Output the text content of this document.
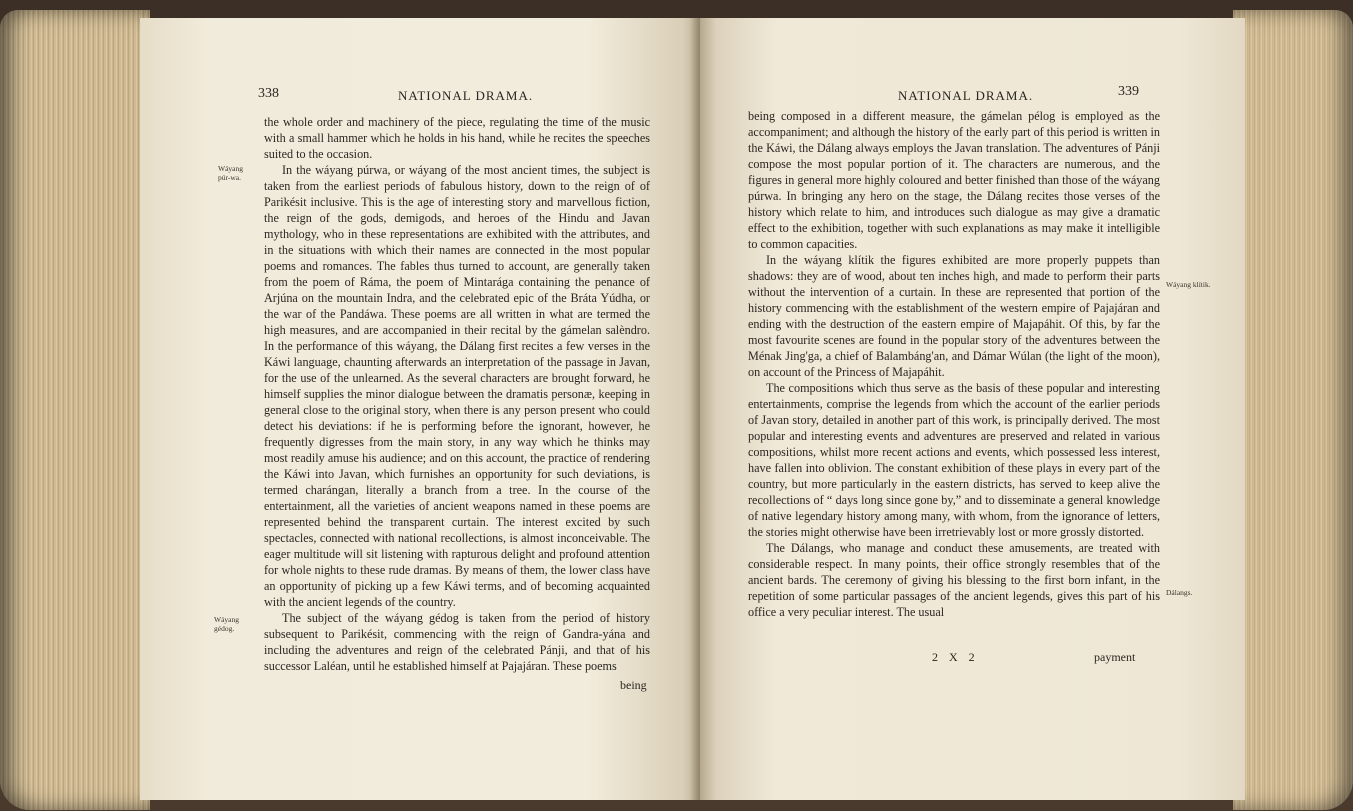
338	NATIONAL DRAMA.
Wáyang púr-wa.
Wáyang gédog.

the whole order and machinery of the piece, regulating the time of the music with a small hammer which he holds in his hand, while he recites the speeches suited to the occasion.

In the wáyang púrwa, or wáyang of the most ancient times, the subject is taken from the earliest periods of fabulous history, down to the reign of of Parikésit inclusive. This is the age of interesting story and marvellous fiction, the reign of the gods, demigods, and heroes of the Hindu and Javan mythology, who in these representations are exhibited with the attributes, and in the situations with which their names are connected in the most popular poems and romances. The fables thus turned to account, are generally taken from the poem of Ráma, the poem of Mintarága containing the penance of Arjúna on the mountain Indra, and the celebrated epic of the Bráta Yúdha, or the war of the Pandáwa. These poems are all written in what are termed the high measures, and are accompanied in their recital by the gámelan salèndro. In the performance of this wáyang, the Dálang first recites a few verses in the Káwi language, chaunting afterwards an interpretation of the passage in Javan, for the use of the unlearned. As the several characters are brought forward, he himself supplies the minor dialogue between the dramatis personæ, keeping in general close to the original story, when there is any person present who could detect his deviations: if he is performing before the ignorant, however, he frequently digresses from the main story, in any way which he thinks may most readily amuse his audience; and on this account, the practice of rendering the Káwi into Javan, which furnishes an opportunity for such deviations, is termed charángan, literally a branch from a tree. In the course of the entertainment, all the varieties of ancient weapons named in these poems are represented behind the transparent curtain. The interest excited by such spectacles, connected with national recollections, is almost inconceivable. The eager multitude will sit listening with rapturous delight and profound attention for whole nights to these rude dramas. By means of them, the lower class have an opportunity of picking up a few Káwi terms, and of becoming acquainted with the ancient legends of the country.

The subject of the wáyang gédog is taken from the period of history subsequent to Parikésit, commencing with the reign of Gandra-yána and including the adventures and reign of the celebrated Pánji, and that of his successor Laléan, until he established himself at Pajajáran. These poems

being
NATIONAL DRAMA.	339
Wáyang klítik.
Dálangs.

being composed in a different measure, the gámelan pélog is employed as the accompaniment; and although the history of the early part of this period is written in the Káwi, the Dálang always employs the Javan translation. The adventures of Pánji compose the most popular portion of it. The characters are numerous, and the figures in general more highly coloured and better finished than those of the wáyang púrwa. In bringing any hero on the stage, the Dálang recites those verses of the history which relate to him, and introduces such dialogue as may give a dramatic effect to the exhibition, together with such explanations as may make it intelligible to common capacities.

In the wáyang klítik the figures exhibited are more properly puppets than shadows: they are of wood, about ten inches high, and made to perform their parts without the intervention of a curtain. In these are represented that portion of the history commencing with the establishment of the western empire of Pajajáran and ending with the destruction of the eastern empire of Majapáhit. Of this, by far the most favourite scenes are found in the popular story of the adventures between the Ménak Jing'ga, a chief of Balambáng'an, and Dámar Wúlan (the light of the moon), on account of the Princess of Majapáhit.

The compositions which thus serve as the basis of these popular and interesting entertainments, comprise the legends from which the account of the earlier periods of Javan story, detailed in another part of this work, is principally derived. The most popular and interesting events and adventures are preserved and related in various compositions, whilst more recent actions and events, which possessed less interest, have fallen into oblivion. The constant exhibition of these plays in every part of the country, but more particularly in the eastern districts, has served to keep alive the recollections of “ days long since gone by,” and to disseminate a general knowledge of native legendary history among many, with whom, from the ignorance of letters, the stories might otherwise have been irretrievably lost or more grossly distorted.

The Dálangs, who manage and conduct these amusements, are treated with considerable respect. In many points, their office strongly resembles that of the ancient bards. The ceremony of giving his blessing to the first born infant, in the repetition of some particular passages of the ancient legends, gives this part of his office a very peculiar interest. The usual

2 X 2	payment
